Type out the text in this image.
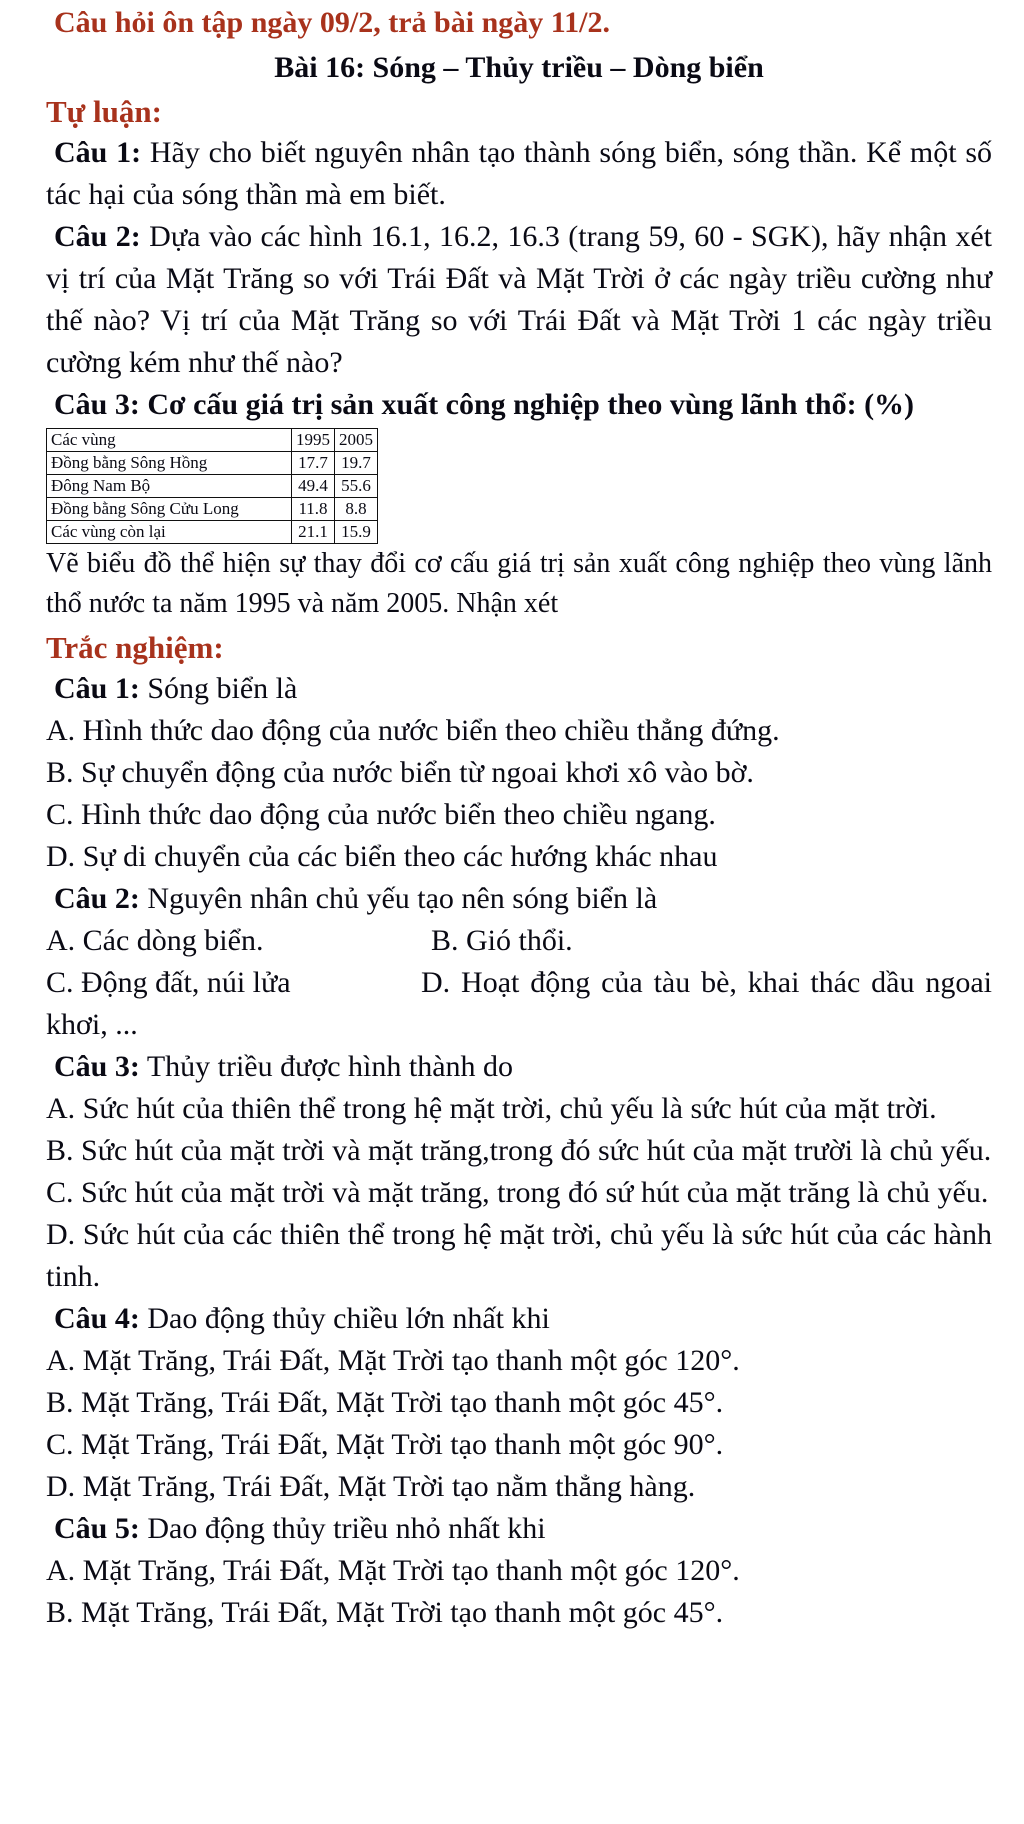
Câu hỏi ôn tập ngày 09/2, trả bài ngày 11/2.
Bài 16: Sóng – Thủy triều – Dòng biển
Tự luận:

Câu 1: Hãy cho biết nguyên nhân tạo thành sóng biển, sóng thần. Kể một số tác hại của sóng thần mà em biết.

Câu 2: Dựa vào các hình 16.1, 16.2, 16.3 (trang 59, 60 - SGK), hãy nhận xét vị trí của Mặt Trăng so với Trái Đất và Mặt Trời ở các ngày triều cường như thế nào? Vị trí của Mặt Trăng so với Trái Đất và Mặt Trời 1 các ngày triều cường kém như thế nào?

Câu 3: Cơ cấu giá trị sản xuất công nghiệp theo vùng lãnh thổ: (%)

Các vùng	1995	2005
Đồng bằng Sông Hồng	17.7	19.7
Đông Nam Bộ	49.4	55.6
Đồng bằng Sông Cửu Long	11.8	8.8
Các vùng còn lại	21.1	15.9

Vẽ biểu đồ thể hiện sự thay đổi cơ cấu giá trị sản xuất công nghiệp theo vùng lãnh thổ nước ta năm 1995 và năm 2005. Nhận xét

Trắc nghiệm:

Câu 1: Sóng biển là

A. Hình thức dao động của nước biển theo chiều thẳng đứng.

B. Sự chuyển động của nước biển từ ngoai khơi xô vào bờ.

C. Hình thức dao động của nước biển theo chiều ngang.

D. Sự di chuyển của các biển theo các hướng khác nhau

Câu 2: Nguyên nhân chủ yếu tạo nên sóng biển là

A. Các dòng biển.	B. Gió thổi.

C. Động đất, núi lửa	D. Hoạt động của tàu bè, khai thác dầu ngoai khơi, ...

Câu 3: Thủy triều được hình thành do

A. Sức hút của thiên thể trong hệ mặt trời, chủ yếu là sức hút của mặt trời.

B. Sức hút của mặt trời và mặt trăng,trong đó sức hút của mặt trười là chủ yếu.

C. Sức hút của mặt trời và mặt trăng, trong đó sứ hút của mặt trăng là chủ yếu.

D. Sức hút của các thiên thể trong hệ mặt trời, chủ yếu là sức hút của các hành tinh.

Câu 4: Dao động thủy chiều lớn nhất khi

A. Mặt Trăng, Trái Đất, Mặt Trời tạo thanh một góc 120°.

B. Mặt Trăng, Trái Đất, Mặt Trời tạo thanh một góc 45°.

C. Mặt Trăng, Trái Đất, Mặt Trời tạo thanh một góc 90°.

D. Mặt Trăng, Trái Đất, Mặt Trời tạo nằm thẳng hàng.

Câu 5: Dao động thủy triều nhỏ nhất khi

A. Mặt Trăng, Trái Đất, Mặt Trời tạo thanh một góc 120°.

B. Mặt Trăng, Trái Đất, Mặt Trời tạo thanh một góc 45°.
